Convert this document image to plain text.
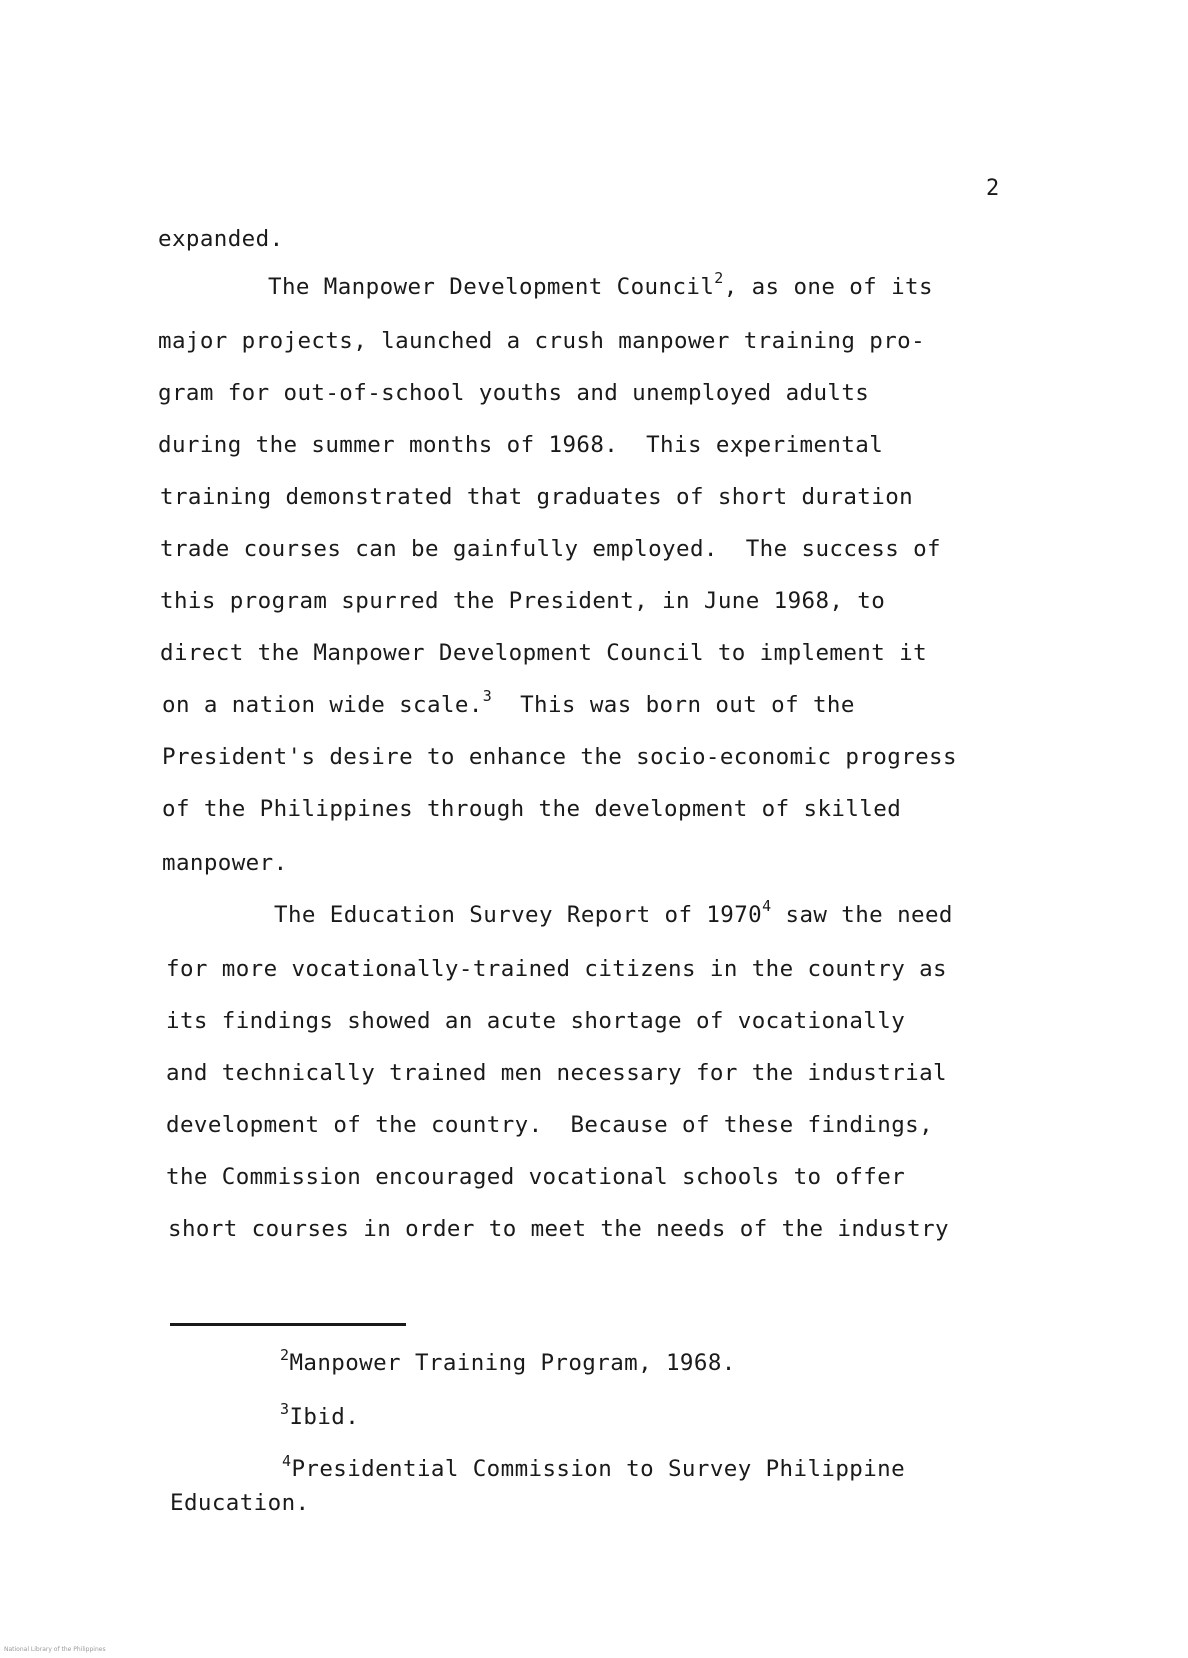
2
expanded.
The Manpower Development Council$^2$, as one of its
major projects, launched a crush manpower training pro-
gram for out-of-school youths and unemployed adults
during the summer months of 1968.  This experimental
training demonstrated that graduates of short duration
trade courses can be gainfully employed.  The success of
this program spurred the President, in June 1968, to
direct the Manpower Development Council to implement it
on a nation wide scale.$^3$  This was born out of the
President's desire to enhance the socio-economic progress
of the Philippines through the development of skilled
manpower.
The Education Survey Report of 1970$^4$ saw the need
for more vocationally-trained citizens in the country as
its findings showed an acute shortage of vocationally
and technically trained men necessary for the industrial
development of the country.  Because of these findings,
the Commission encouraged vocational schools to offer
short courses in order to meet the needs of the industry
$^2$Manpower Training Program, 1968.
$^3$Ibid.
$^4$Presidential Commission to Survey Philippine
Education.
National Library of the Philippines
